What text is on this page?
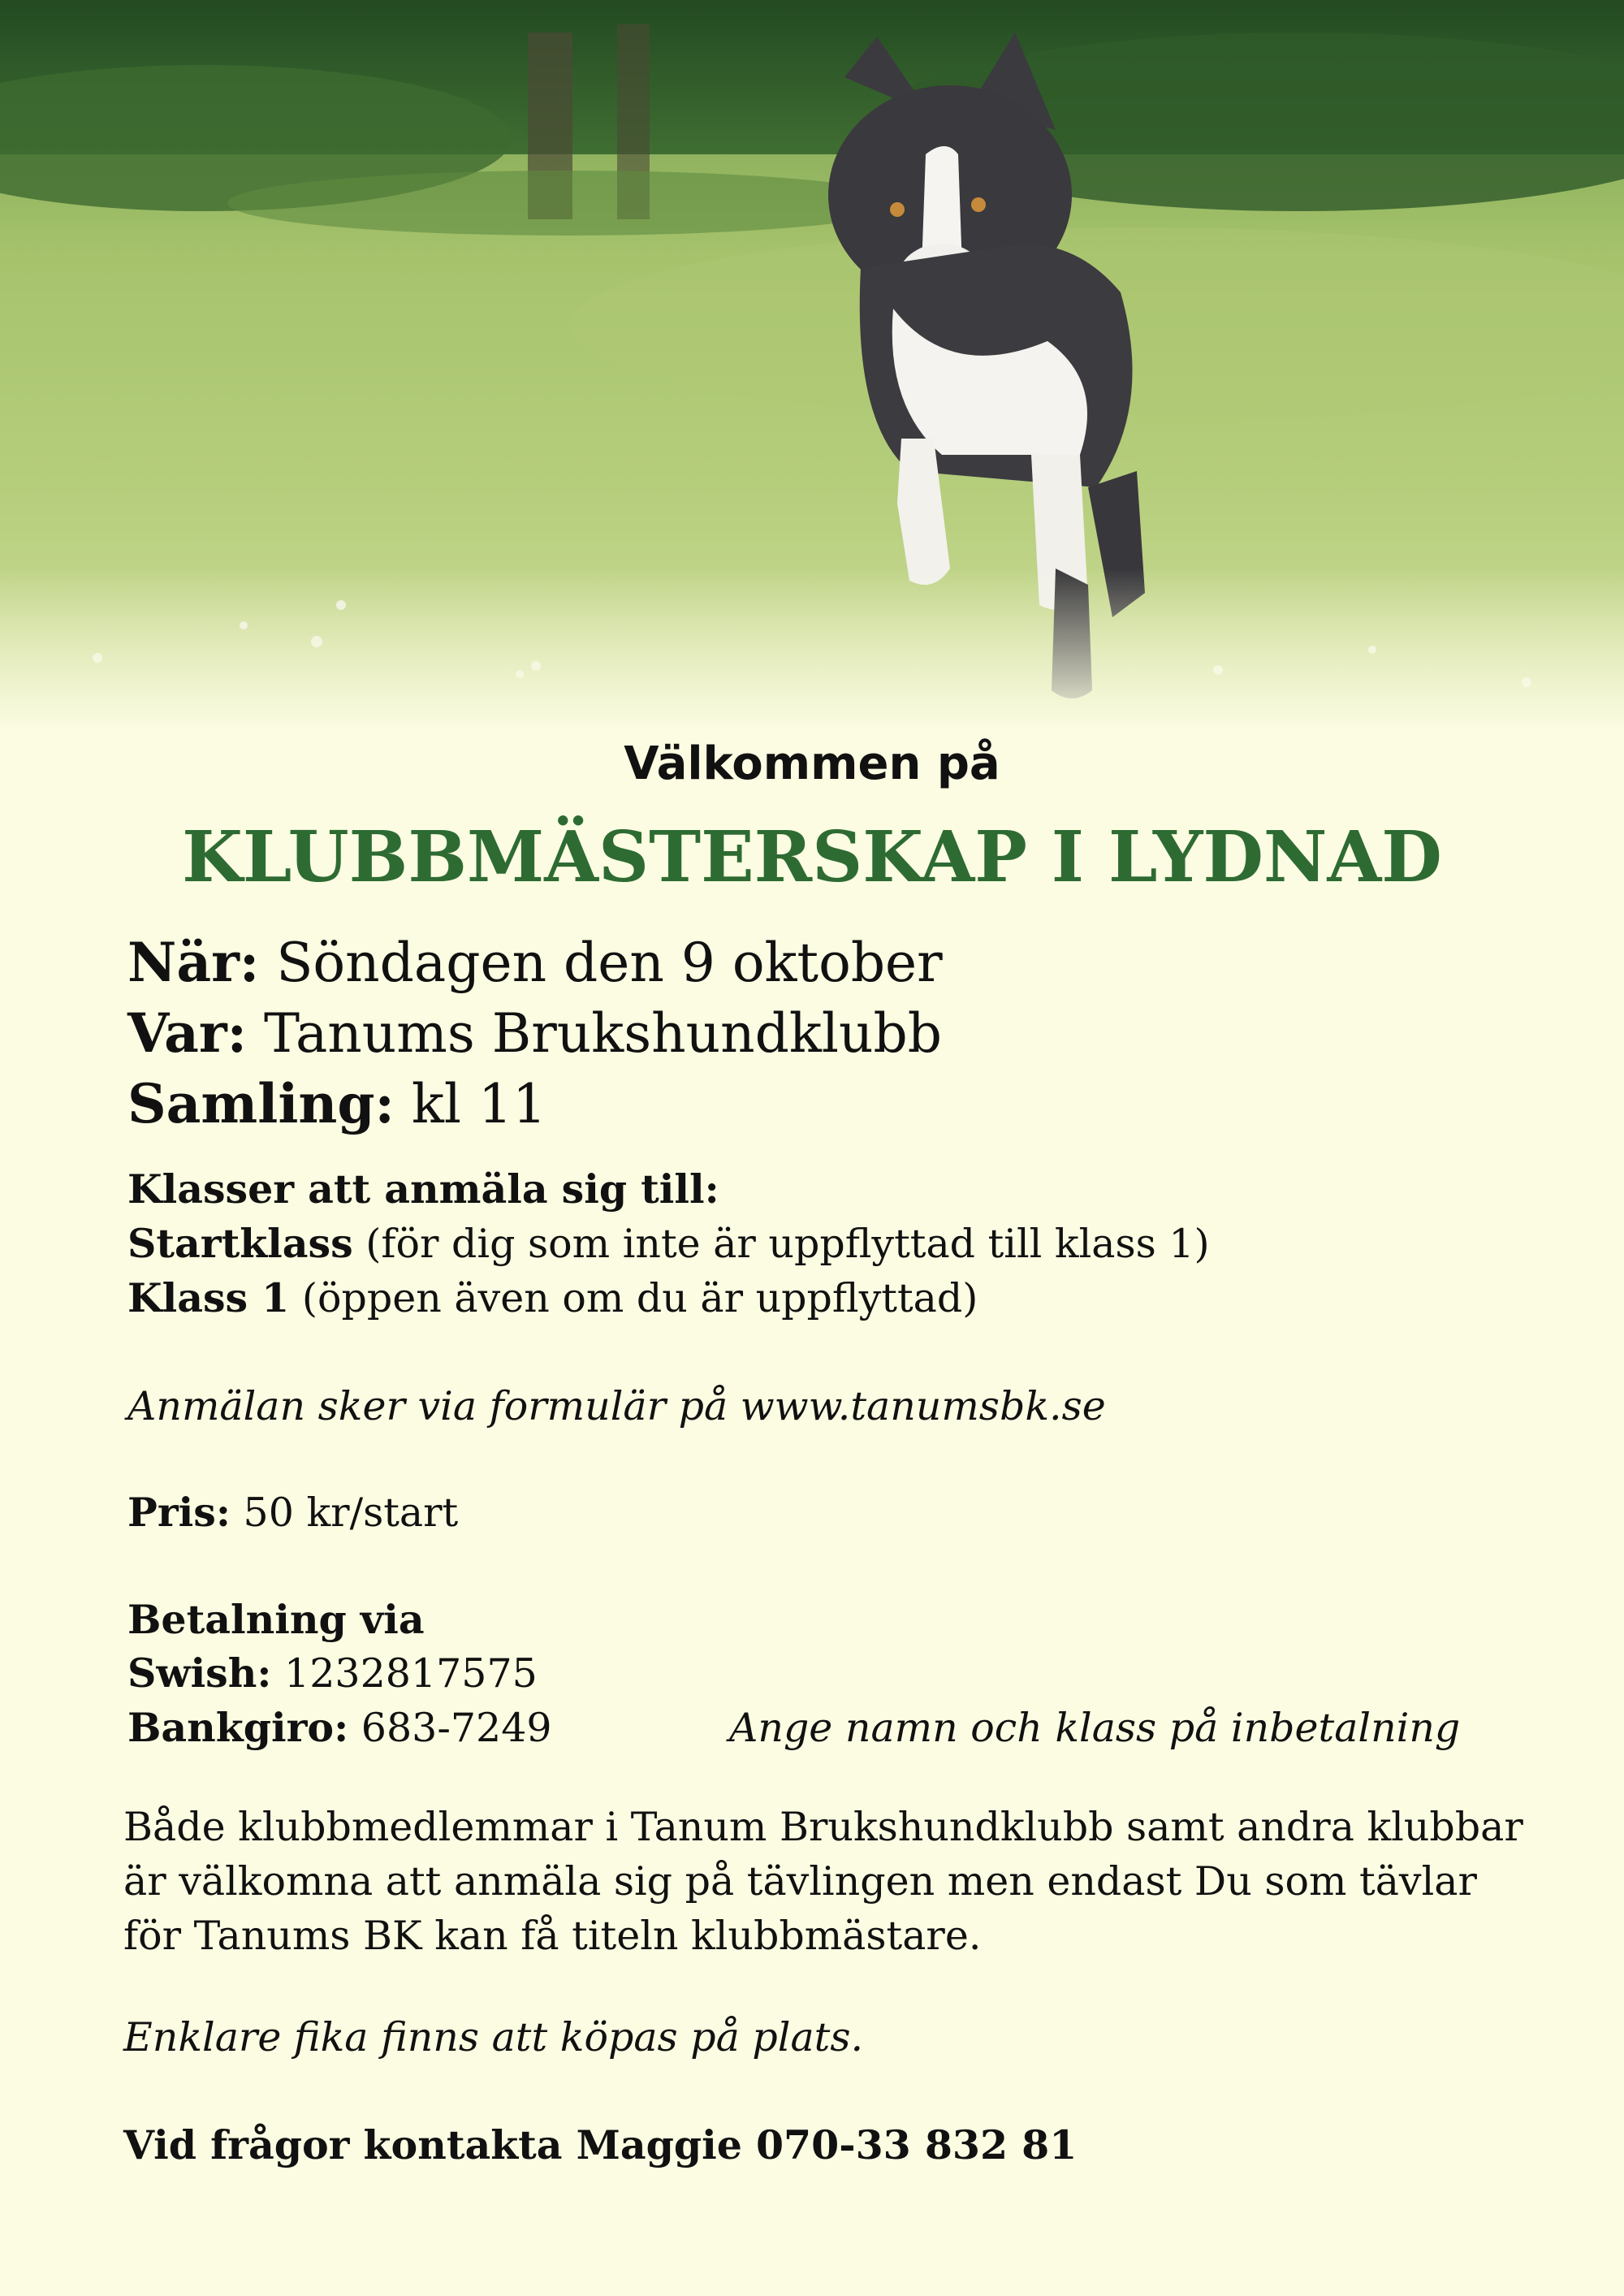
Välkommen på
KLUBBMÄSTERSKAP I LYDNAD
När: Söndagen den 9 oktober
Var: Tanums Brukshundklubb
Samling: kl 11
Klasser att anmäla sig till:
Startklass (för dig som inte är uppflyttad till klass 1)
Klass 1 (öppen även om du är uppflyttad)
Anmälan sker via formulär på www.tanumsbk.se
Pris: 50 kr/start
Betalning via
Swish: 1232817575
Bankgiro: 683-7249	Ange namn och klass på inbetalning
Både klubbmedlemmar i Tanum Brukshundklubb samt andra klubbar
är välkomna att anmäla sig på tävlingen men endast Du som tävlar
för Tanums BK kan få titeln klubbmästare.
Enklare fika finns att köpas på plats.
Vid frågor kontakta Maggie 070-33 832 81
